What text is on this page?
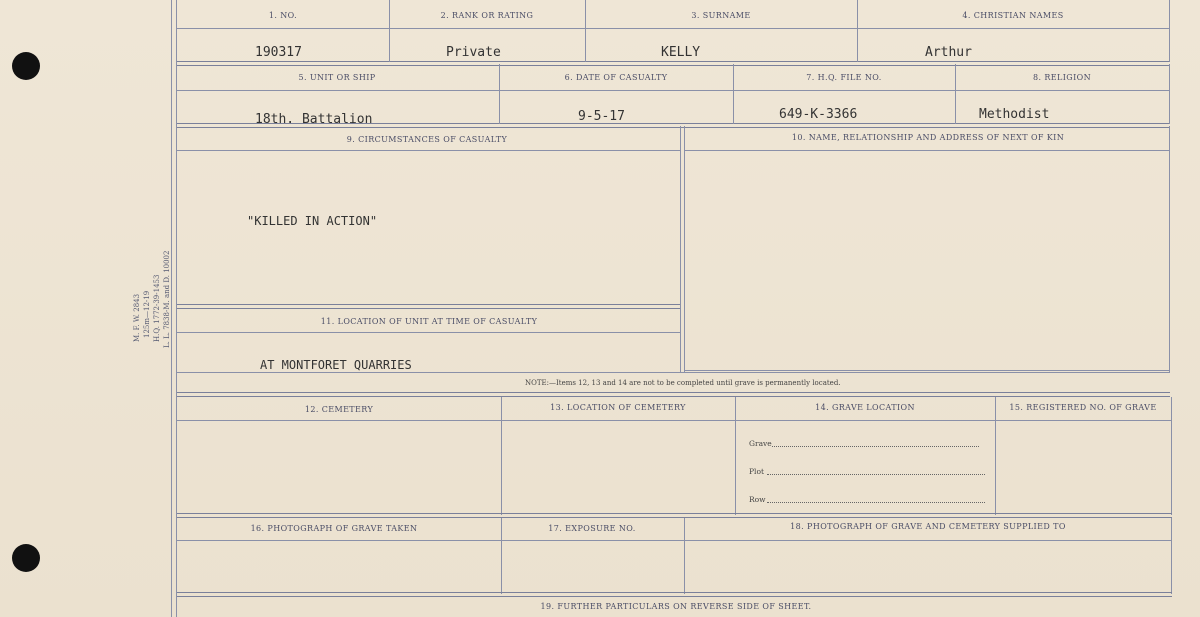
M. F. W. 2843 125m—12-19 H.Q. 1772-39-1453 L. L. 7838-M. and D. 10002
1. NO.	2. RANK OR RATING	3. SURNAME	4. CHRISTIAN NAMES
190317	Private	KELLY	Arthur
5. UNIT OR SHIP	6. DATE OF CASUALTY	7. H.Q. FILE NO.	8. RELIGION
18th. Battalion	9-5-17	649-K-3366	Methodist
9. CIRCUMSTANCES OF CASUALTY	10. NAME, RELATIONSHIP AND ADDRESS OF NEXT OF KIN
"KILLED IN ACTION"
11. LOCATION OF UNIT AT TIME OF CASUALTY
AT MONTFORET QUARRIES
NOTE:—Items 12, 13 and 14 are not to be completed until grave is permanently located.
12. CEMETERY	13. LOCATION OF CEMETERY	14. GRAVE LOCATION	15. REGISTERED NO. OF GRAVE
Grave
Plot
Row
16. PHOTOGRAPH OF GRAVE TAKEN	17. EXPOSURE NO.	18. PHOTOGRAPH OF GRAVE AND CEMETERY SUPPLIED TO
19. FURTHER PARTICULARS ON REVERSE SIDE OF SHEET.
